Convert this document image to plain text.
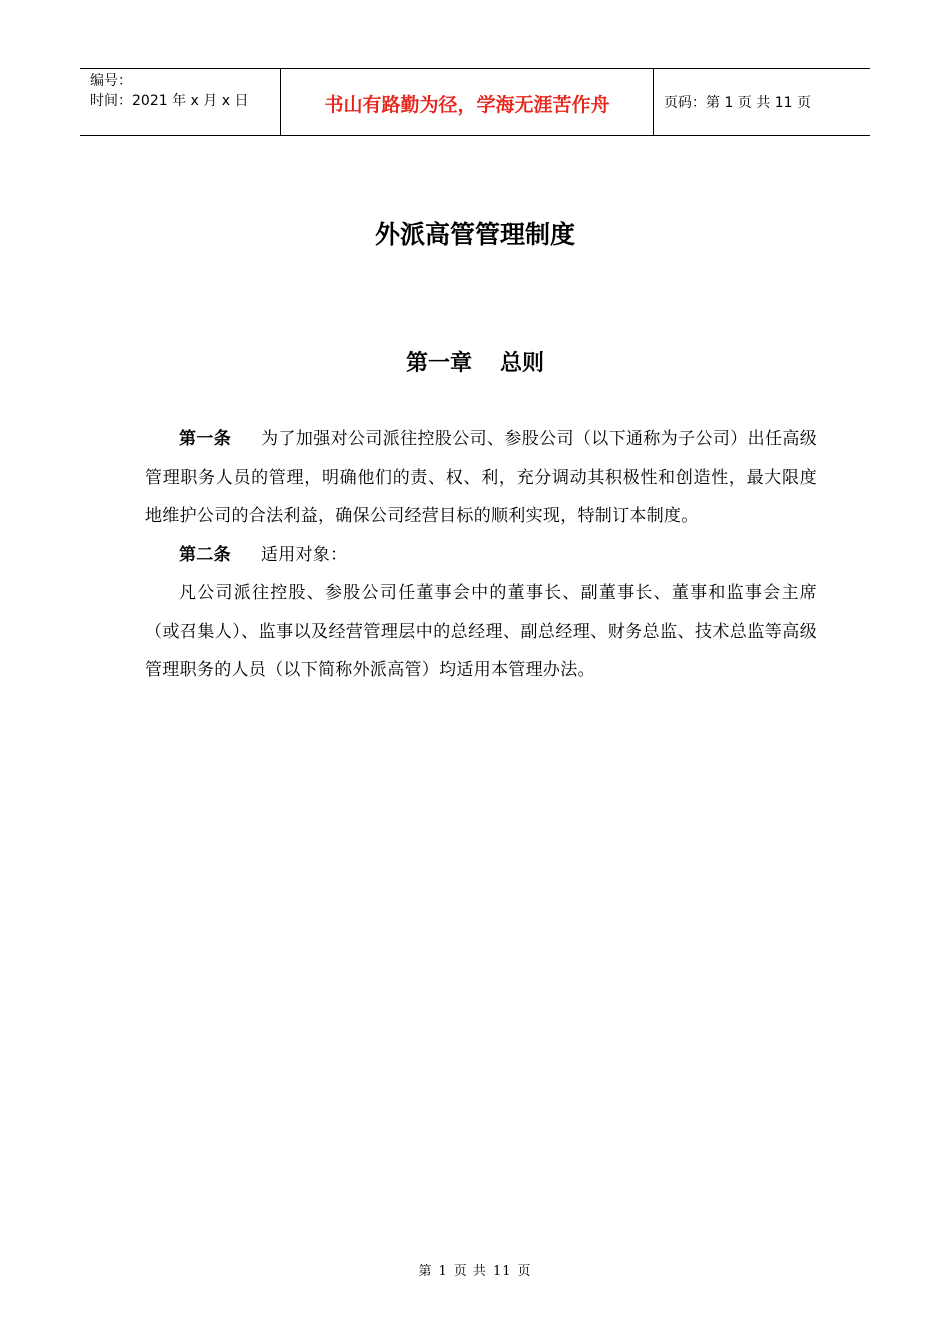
编号：
时间：2021 年 x 月 x 日	书山有路勤为径，学海无涯苦作舟	页码：第 1 页 共 11 页
外派高管管理制度
第一章 总则

第一条 为了加强对公司派往控股公司、参股公司（以下通称为子公司）出任高级管理职务人员的管理，明确他们的责、权、利，充分调动其积极性和创造性，最大限度地维护公司的合法利益，确保公司经营目标的顺利实现，特制订本制度。

第二条 适用对象：

凡公司派往控股、参股公司任董事会中的董事长、副董事长、董事和监事会主席（或召集人）、监事以及经营管理层中的总经理、副总经理、财务总监、技术总监等高级管理职务的人员（以下简称外派高管）均适用本管理办法。

第 1 页 共 11 页
